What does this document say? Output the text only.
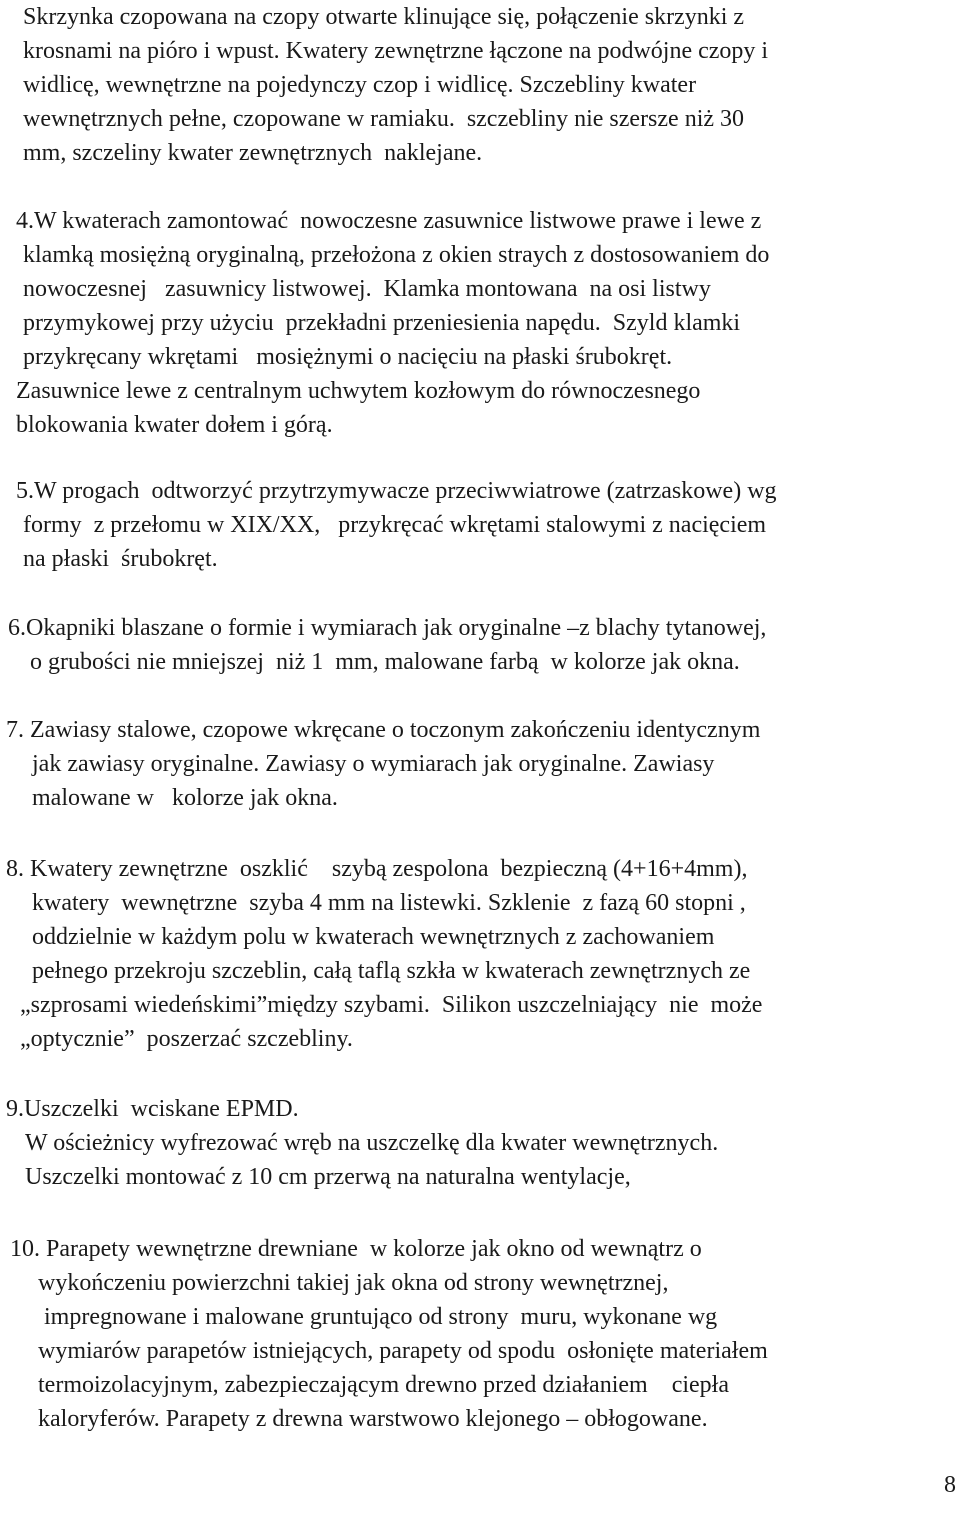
Skrzynka czopowana na czopy otwarte klinujące się, połączenie skrzynki z
krosnami na pióro i wpust. Kwatery zewnętrzne łączone na podwójne czopy i
widlicę, wewnętrzne na pojedynczy czop i widlicę. Szczebliny kwater
wewnętrznych pełne, czopowane w ramiaku.  szczebliny nie szersze niż 30
mm, szczeliny kwater zewnętrznych  naklejane.
4.W kwaterach zamontować  nowoczesne zasuwnice listwowe prawe i lewe z
klamką mosiężną oryginalną, przełożona z okien straych z dostosowaniem do
nowoczesnej   zasuwnicy listwowej.  Klamka montowana  na osi listwy
przymykowej przy użyciu  przekładni przeniesienia napędu.  Szyld klamki
przykręcany wkrętami   mosiężnymi o nacięciu na płaski śrubokręt.
Zasuwnice lewe z centralnym uchwytem kozłowym do równoczesnego
blokowania kwater dołem i górą.
5.W progach  odtworzyć przytrzymywacze przeciwwiatrowe (zatrzaskowe) wg
formy  z przełomu w XIX/XX,   przykręcać wkrętami stalowymi z nacięciem
na płaski  śrubokręt.
6.Okapniki blaszane o formie i wymiarach jak oryginalne –z blachy tytanowej,
o grubości nie mniejszej  niż 1  mm, malowane farbą  w kolorze jak okna.
7. Zawiasy stalowe, czopowe wkręcane o toczonym zakończeniu identycznym
jak zawiasy oryginalne. Zawiasy o wymiarach jak oryginalne. Zawiasy
malowane w   kolorze jak okna.
8. Kwatery zewnętrzne  oszklić    szybą zespolona  bezpieczną (4+16+4mm),
kwatery  wewnętrzne  szyba 4 mm na listewki. Szklenie  z fazą 60 stopni ,
oddzielnie w każdym polu w kwaterach wewnętrznych z zachowaniem
pełnego przekroju szczeblin, całą taflą szkła w kwaterach zewnętrznych ze
„szprosami wiedeńskimi”między szybami.  Silikon uszczelniający  nie  może
„optycznie”  poszerzać szczebliny.
9.Uszczelki  wciskane EPMD.
W ościeżnicy wyfrezować wręb na uszczelkę dla kwater wewnętrznych.
Uszczelki montować z 10 cm przerwą na naturalna wentylacje,
10. Parapety wewnętrzne drewniane  w kolorze jak okno od wewnątrz o
wykończeniu powierzchni takiej jak okna od strony wewnętrznej,
impregnowane i malowane gruntująco od strony  muru, wykonane wg
wymiarów parapetów istniejących, parapety od spodu  osłonięte materiałem
termoizolacyjnym, zabezpieczającym drewno przed działaniem    ciepła
kaloryferów. Parapety z drewna warstwowo klejonego – obłogowane.
8
